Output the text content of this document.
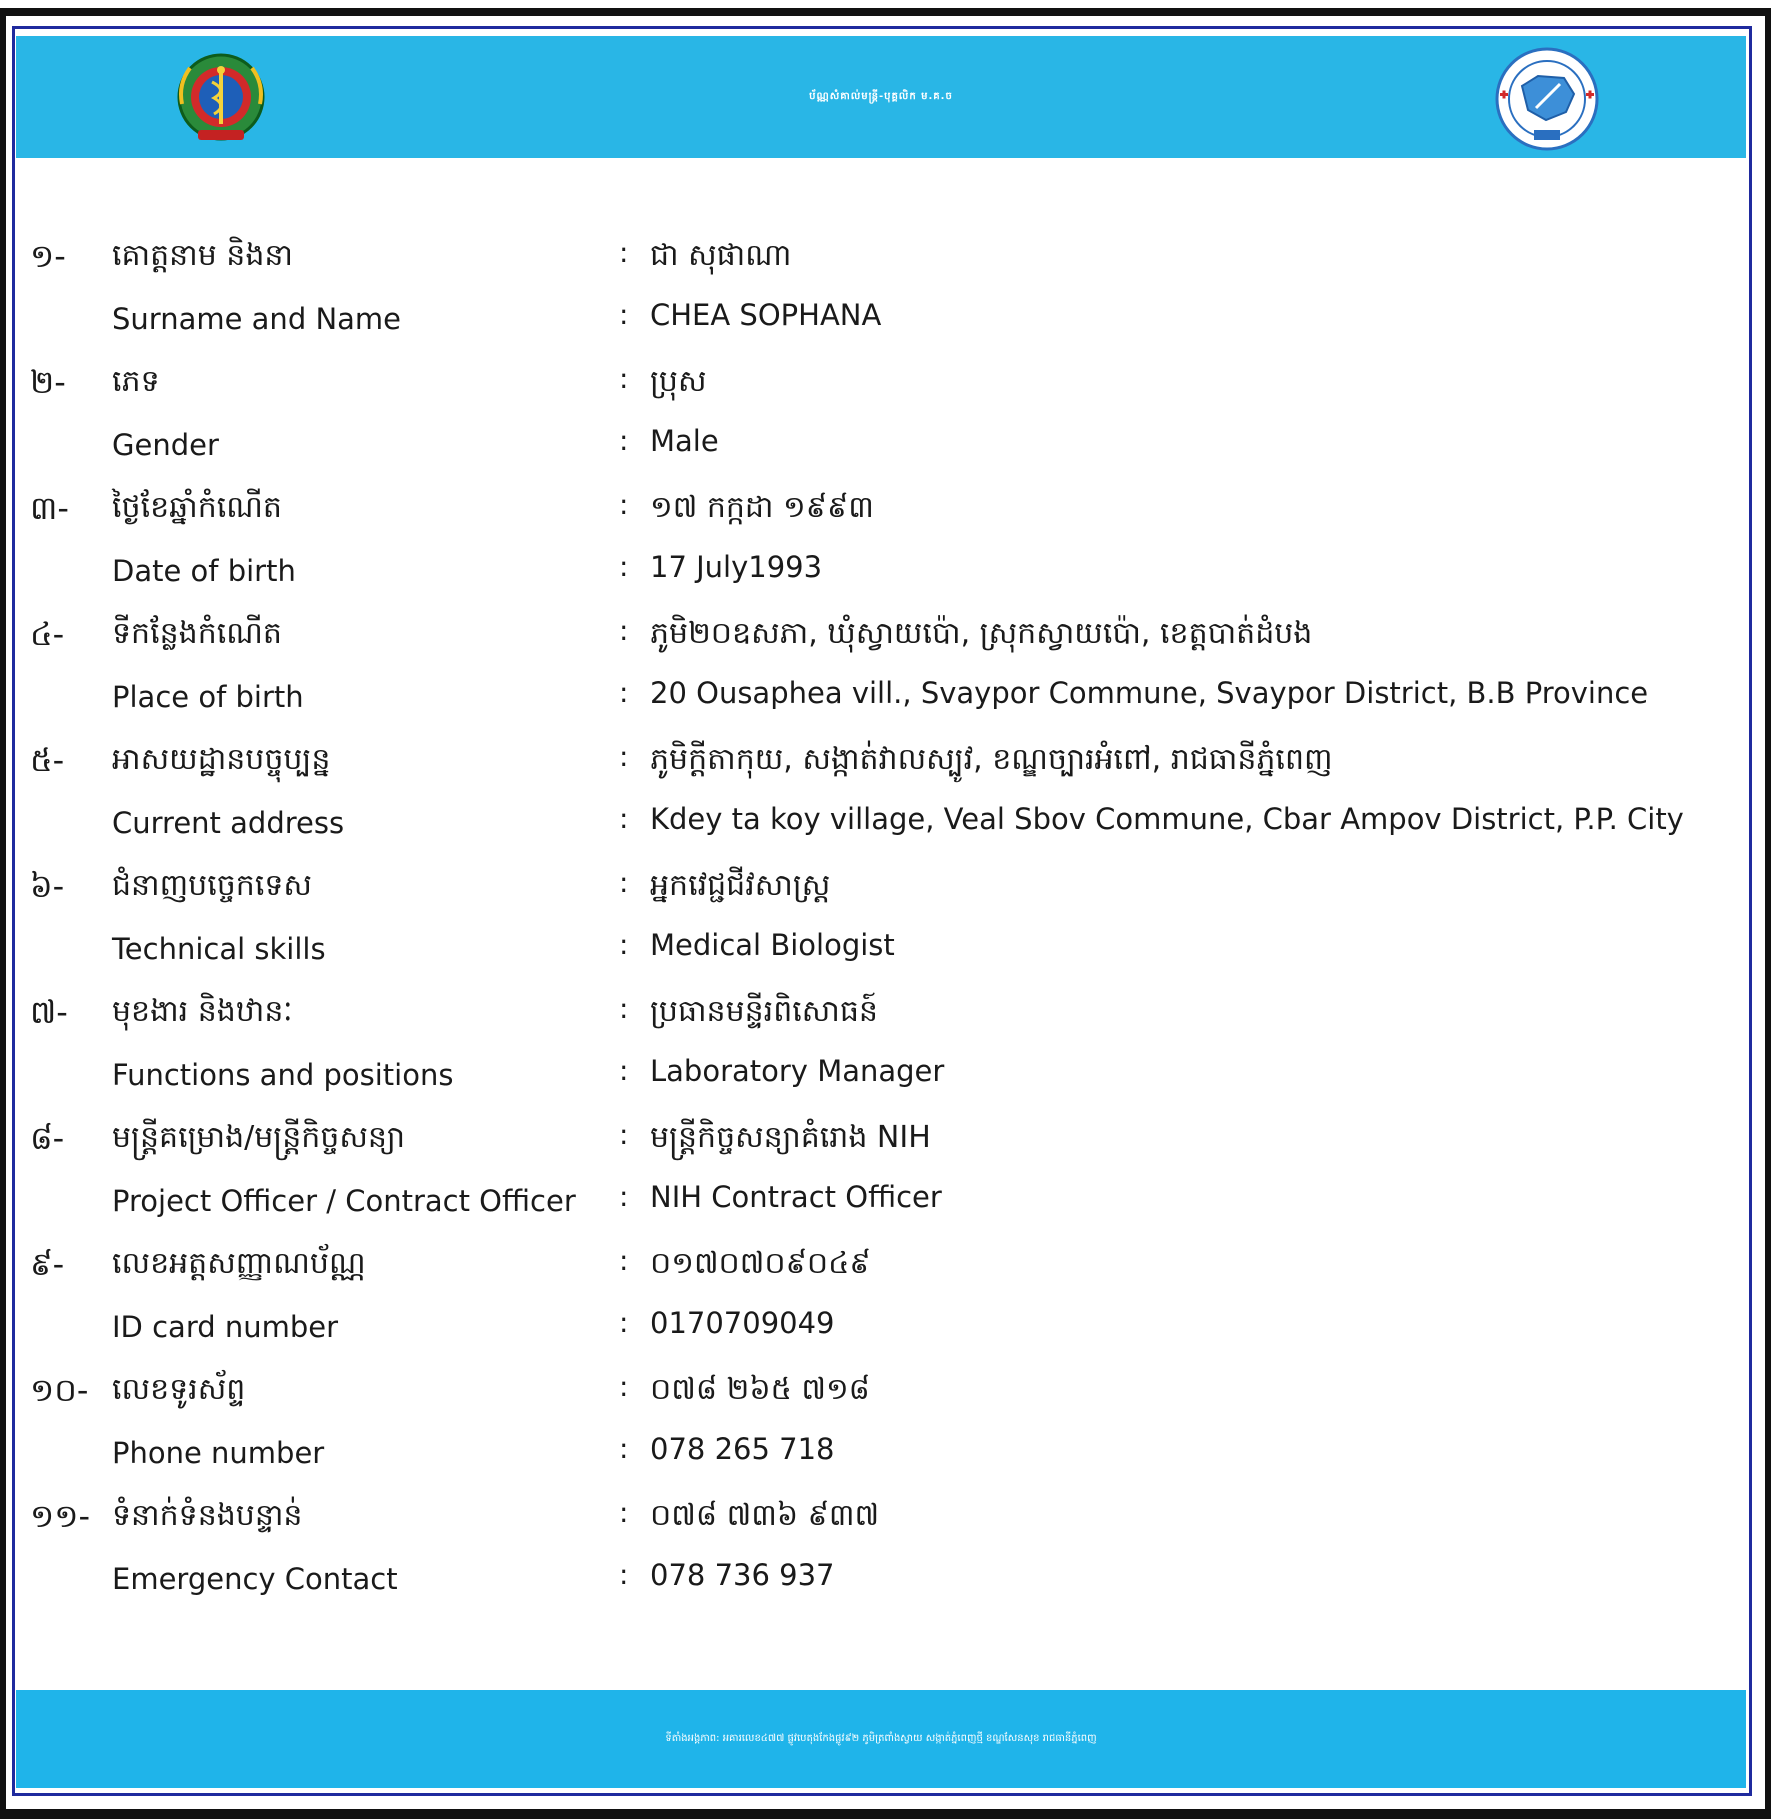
ប័ណ្ណសំគាល់មន្រ្តី-បុគ្គលិក ម.គ.ច
១- គោត្តនាម និងនា	: ជា សុផាណា
Surname and Name	: CHEA SOPHANA
២- ភេទ	: ប្រុស
Gender	: Male
៣- ថ្ងៃខែឆ្នាំកំណើត	: ១៧ កក្កដា ១៩៩៣
Date of birth	: 17 July1993
៤- ទីកន្លែងកំណើត	: ភូមិ២០ឧសភា, ឃុំស្វាយប៉ោ, ស្រុកស្វាយប៉ោ, ខេត្តបាត់ដំបង
Place of birth	: 20 Ousaphea vill., Svaypor Commune, Svaypor District, B.B Province
៥- អាសយដ្ឋានបច្ចុប្បន្ន	: ភូមិក្តីតាកុយ, សង្កាត់វាលស្បូវ, ខណ្ឌច្បារអំពៅ, រាជធានីភ្នំពេញ
Current address	: Kdey ta koy village, Veal Sbov Commune, Cbar Ampov District, P.P. City
៦- ជំនាញបច្ចេកទេស	: អ្នកវេជ្ជជីវសាស្រ្ត
Technical skills	: Medical Biologist
៧- មុខងារ និងឋានៈ	: ប្រធានមន្ទីរពិសោធន៍
Functions and positions	: Laboratory Manager
៨- មន្រ្តីគម្រោង/មន្រ្តីកិច្ចសន្យា	: មន្រ្តីកិច្ចសន្យាគំរោង NIH
Project Officer / Contract Officer : NIH Contract Officer
៩- លេខអត្តសញ្ញាណប័ណ្ណ	: ០១៧០៧០៩០៤៩
ID card number	: 0170709049
១០- លេខទូរស័ព្ទ	: ០៧៨ ២៦៥ ៧១៨
Phone number	: 078 265 718
១១- ទំនាក់ទំនងបន្ទាន់	: ០៧៨ ៧៣៦ ៩៣៧
Emergency Contact	: 078 736 937
ទីតាំងអង្គភាព: អគារលេខ៤៧៧ ផ្លូវបេតុងកែងផ្លូវ៩២ ភូមិត្រពាំងស្វាយ សង្កាត់ភ្នំពេញថ្មី ខណ្ឌសែនសុខ រាជធានីភ្នំពេញ
